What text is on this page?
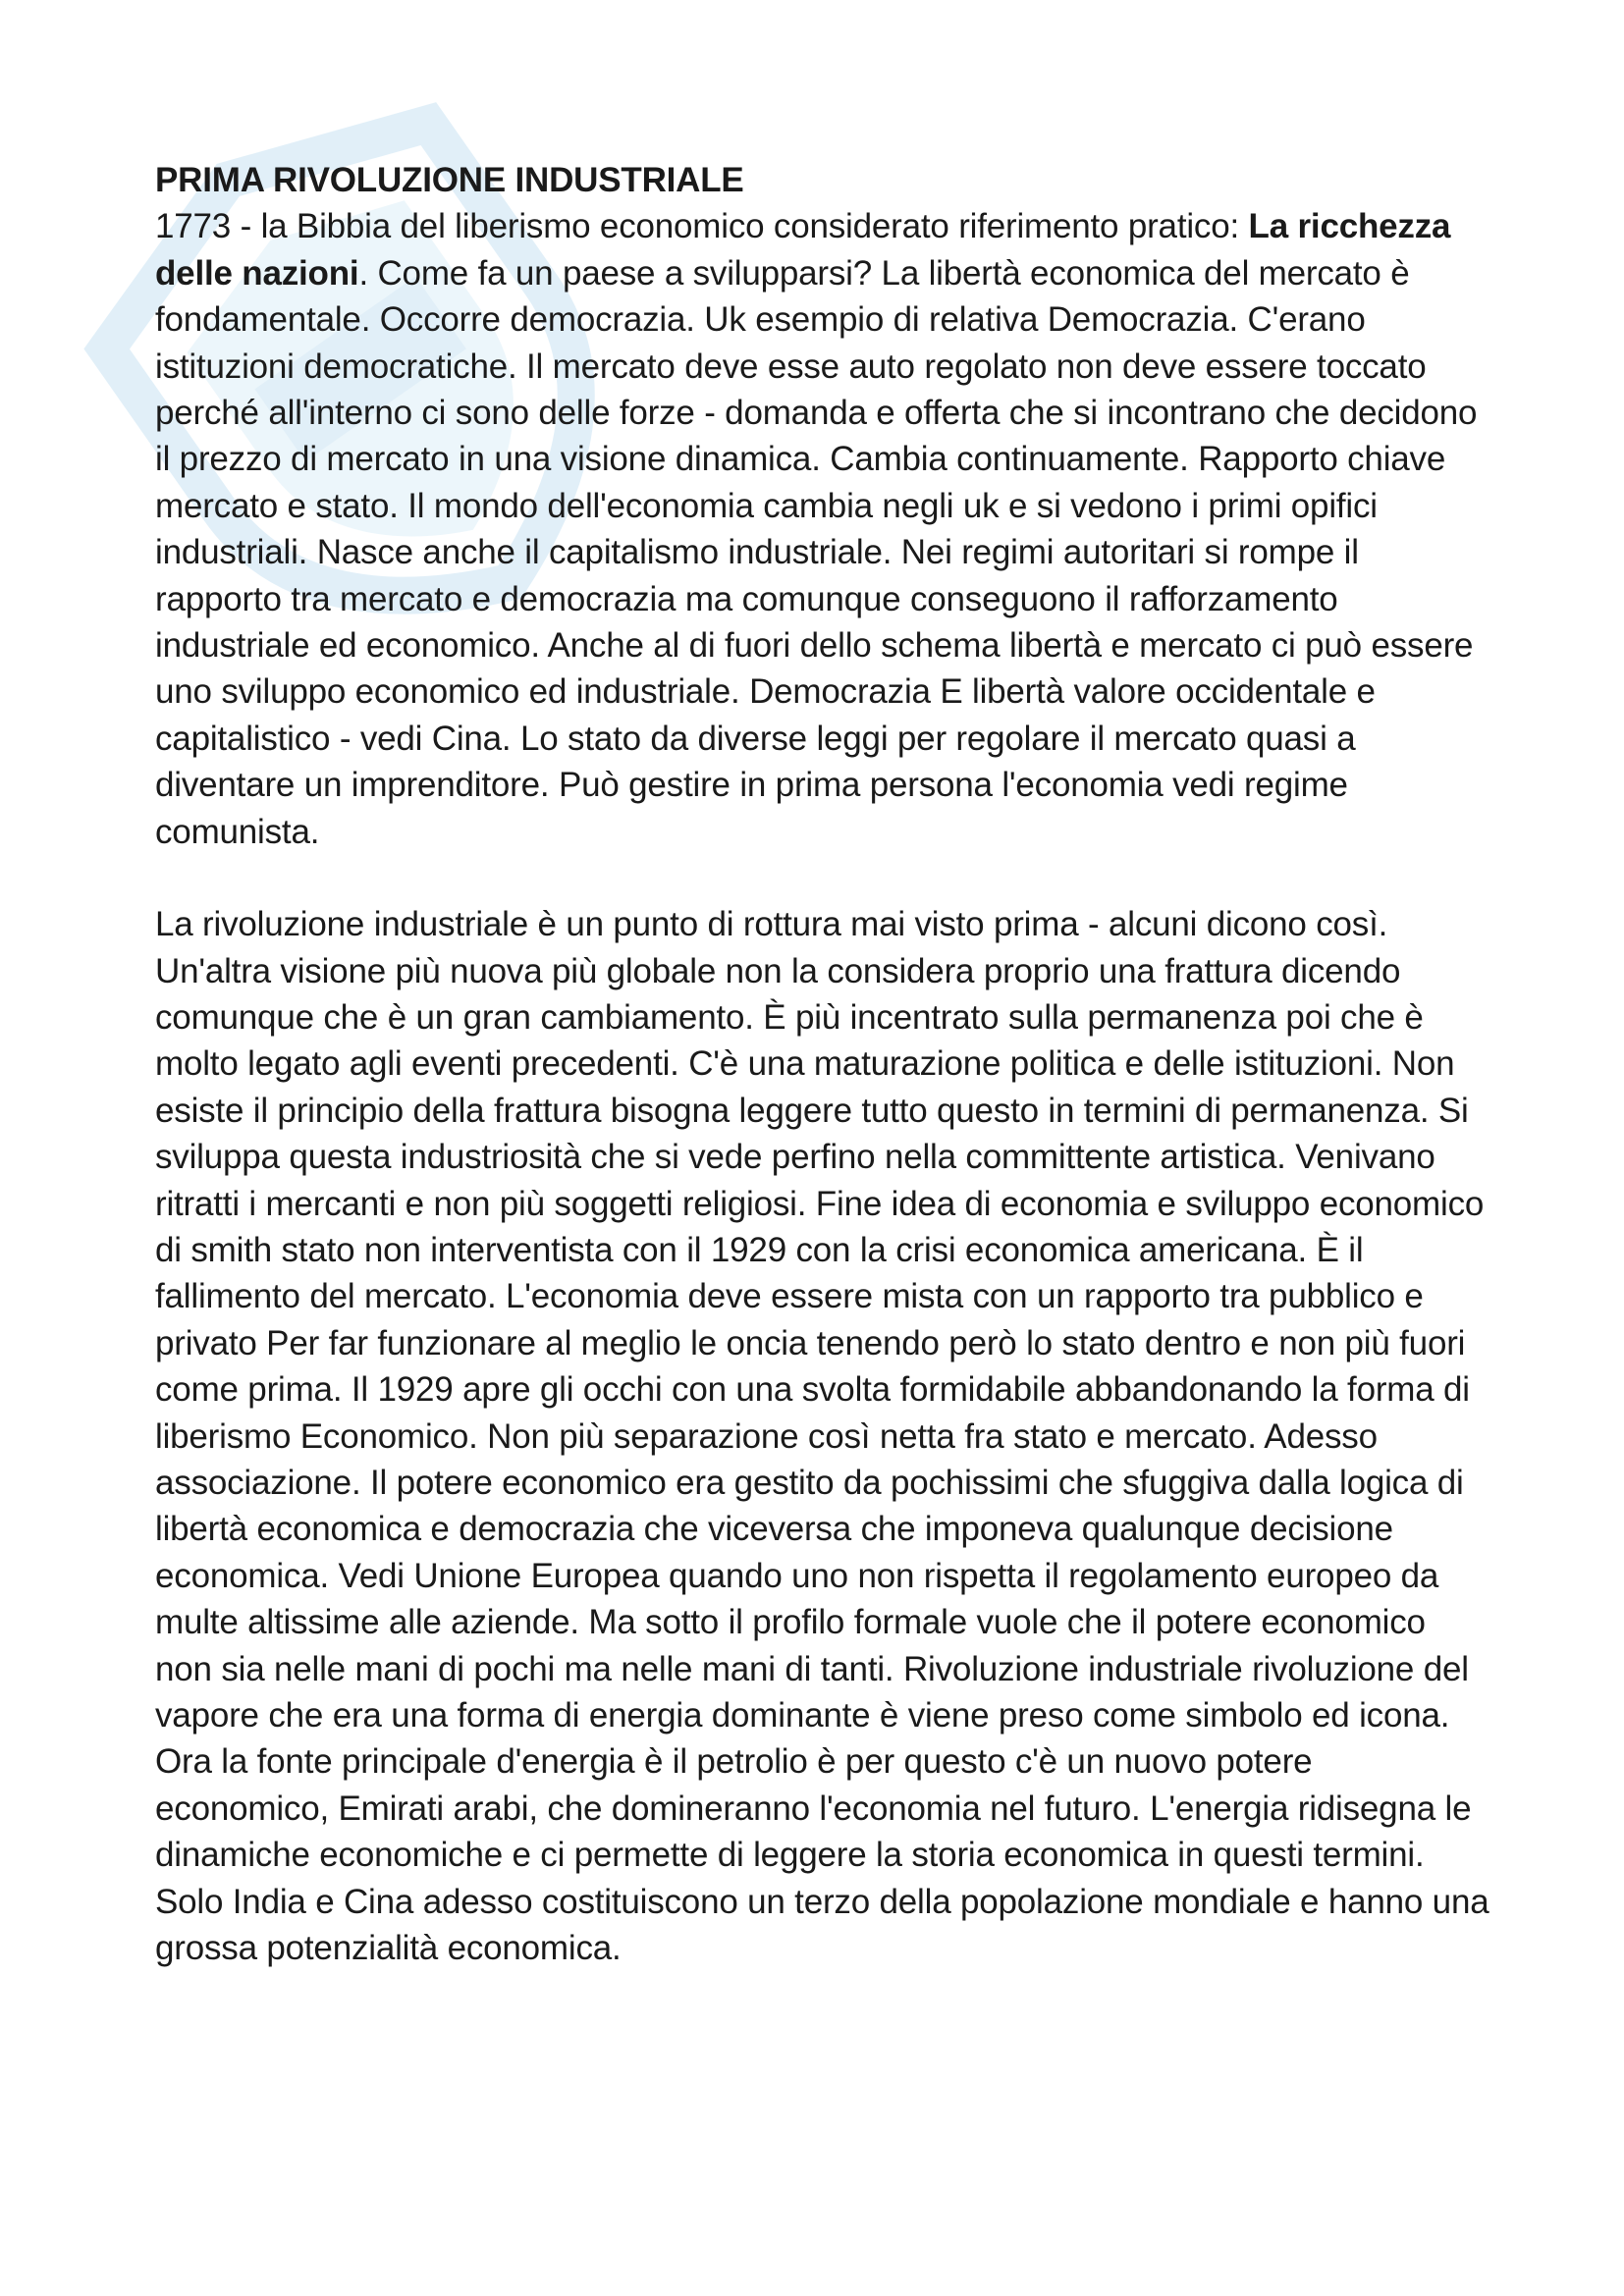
PRIMA RIVOLUZIONE INDUSTRIALE
1773 - la Bibbia del liberismo economico considerato riferimento pratico: La ricchezza delle nazioni. Come fa un paese a svilupparsi? La libertà economica del mercato è fondamentale. Occorre democrazia. Uk esempio di relativa Democrazia. C'erano istituzioni democratiche. Il mercato deve esse auto regolato non deve essere toccato perché all'interno ci sono delle forze - domanda e offerta che si incontrano che decidono il prezzo di mercato in una visione dinamica. Cambia continuamente. Rapporto chiave mercato e stato. Il mondo dell'economia cambia negli uk e si vedono i primi opifici industriali. Nasce anche il capitalismo industriale. Nei regimi autoritari si rompe il rapporto tra mercato e democrazia ma comunque conseguono il rafforzamento industriale ed economico. Anche al di fuori dello schema libertà e mercato ci può essere uno sviluppo economico ed industriale. Democrazia E libertà valore occidentale e capitalistico - vedi Cina. Lo stato da diverse leggi per regolare il mercato quasi a diventare un imprenditore. Può gestire in prima persona l'economia vedi regime comunista.

La rivoluzione industriale è un punto di rottura mai visto prima - alcuni dicono così. Un'altra visione più nuova più globale non la considera proprio una frattura dicendo comunque che è un gran cambiamento. È più incentrato sulla permanenza poi che è molto legato agli eventi precedenti. C'è una maturazione politica e delle istituzioni. Non esiste il principio della frattura bisogna leggere tutto questo in termini di permanenza. Si sviluppa questa industriosità che si vede perfino nella committente artistica. Venivano ritratti i mercanti e non più soggetti religiosi. Fine idea di economia e sviluppo economico di smith stato non interventista con il 1929 con la crisi economica americana. È il fallimento del mercato. L'economia deve essere mista con un rapporto tra pubblico e privato Per far funzionare al meglio le oncia tenendo però lo stato dentro e non più fuori come prima. Il 1929 apre gli occhi con una svolta formidabile abbandonando la forma di liberismo Economico. Non più separazione così netta fra stato e mercato. Adesso associazione. Il potere economico era gestito da pochissimi che sfuggiva dalla logica di libertà economica e democrazia che viceversa che imponeva qualunque decisione economica. Vedi Unione Europea quando uno non rispetta il regolamento europeo da multe altissime alle aziende. Ma sotto il profilo formale vuole che il potere economico non sia nelle mani di pochi ma nelle mani di tanti. Rivoluzione industriale rivoluzione del vapore che era una forma di energia dominante è viene preso come simbolo ed icona. Ora la fonte principale d'energia è il petrolio è per questo c'è un nuovo potere economico, Emirati arabi, che domineranno l'economia nel futuro. L'energia ridisegna le dinamiche economiche e ci permette di leggere la storia economica in questi termini. Solo India e Cina adesso costituiscono un terzo della popolazione mondiale e hanno una grossa potenzialità economica.
